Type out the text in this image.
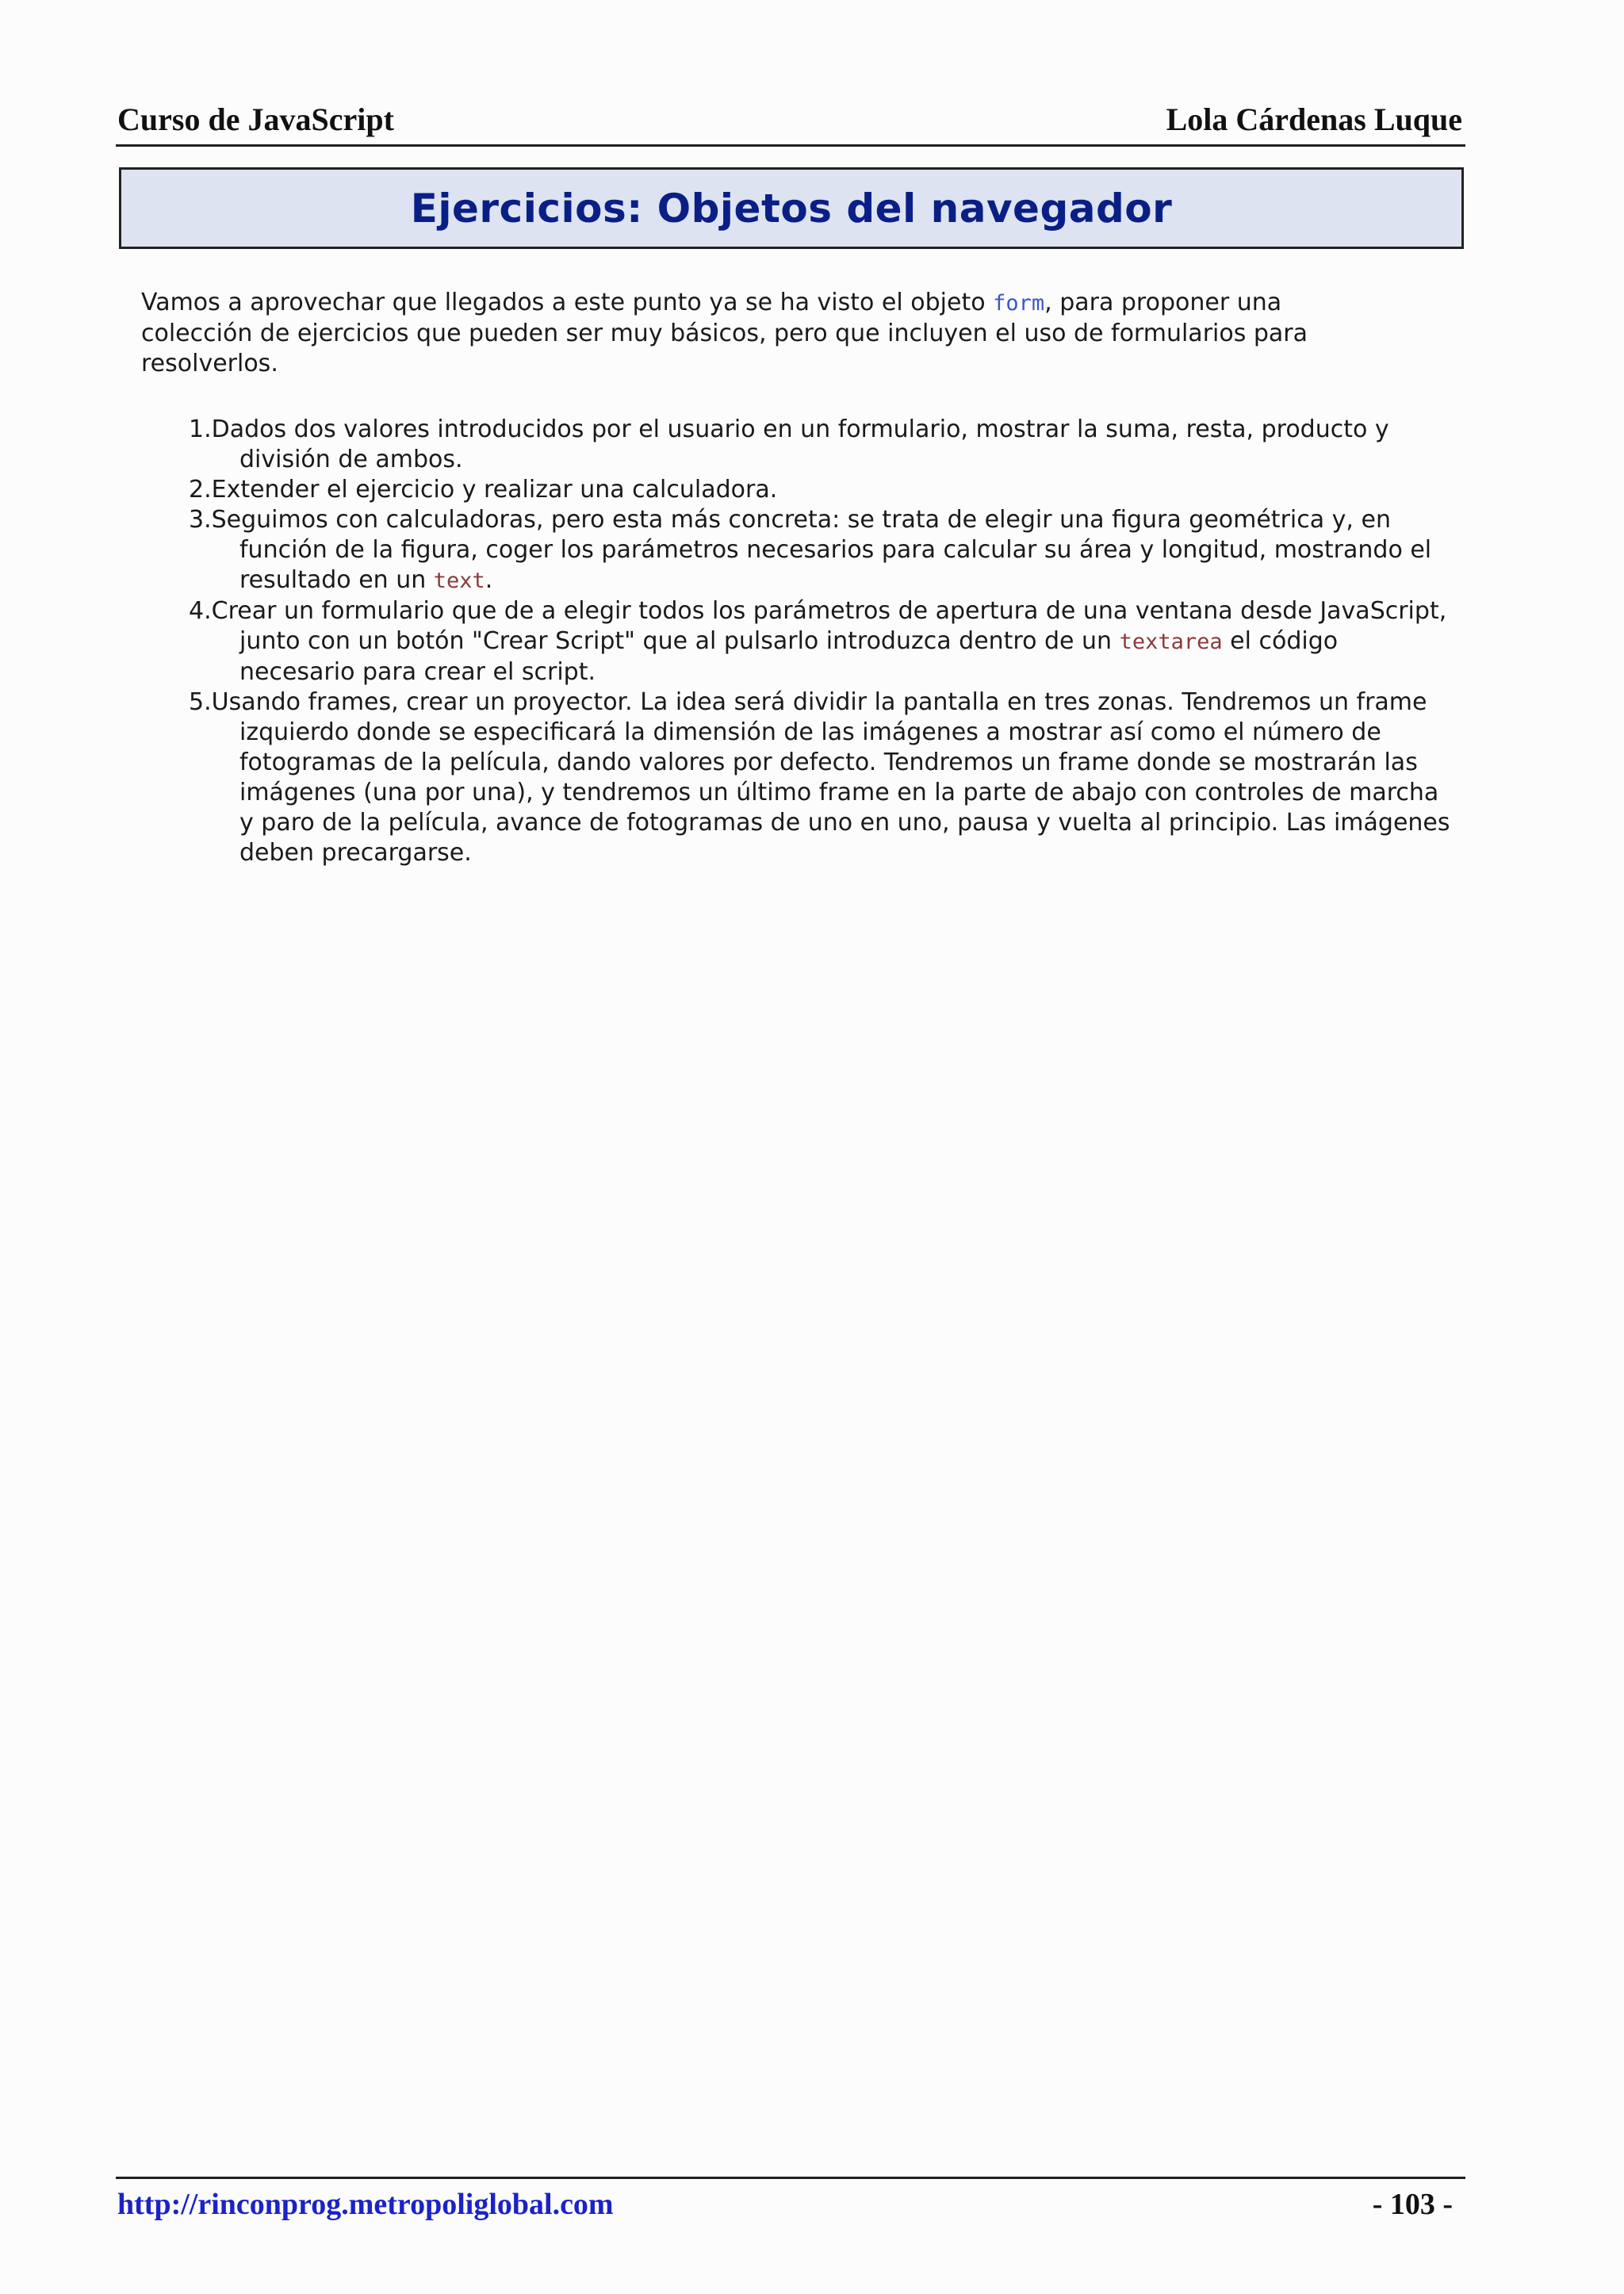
Curso de JavaScript	Lola Cárdenas Luque
Ejercicios: Objetos del navegador

Vamos a aprovechar que llegados a este punto ya se ha visto el objeto form, para proponer una colección de ejercicios que pueden ser muy básicos, pero que incluyen el uso de formularios para resolverlos.

1.Dados dos valores introducidos por el usuario en un formulario, mostrar la suma, resta, producto y división de ambos.
2.Extender el ejercicio y realizar una calculadora.
3.Seguimos con calculadoras, pero esta más concreta: se trata de elegir una figura geométrica y, en función de la figura, coger los parámetros necesarios para calcular su área y longitud, mostrando el resultado en un text.
4.Crear un formulario que de a elegir todos los parámetros de apertura de una ventana desde JavaScript, junto con un botón "Crear Script" que al pulsarlo introduzca dentro de un textarea el código necesario para crear el script.
5.Usando frames, crear un proyector. La idea será dividir la pantalla en tres zonas. Tendremos un frame izquierdo donde se especificará la dimensión de las imágenes a mostrar así como el número de fotogramas de la película, dando valores por defecto. Tendremos un frame donde se mostrarán las imágenes (una por una), y tendremos un último frame en la parte de abajo con controles de marcha y paro de la película, avance de fotogramas de uno en uno, pausa y vuelta al principio. Las imágenes deben precargarse.
http://rinconprog.metropoliglobal.com	- 103 -
